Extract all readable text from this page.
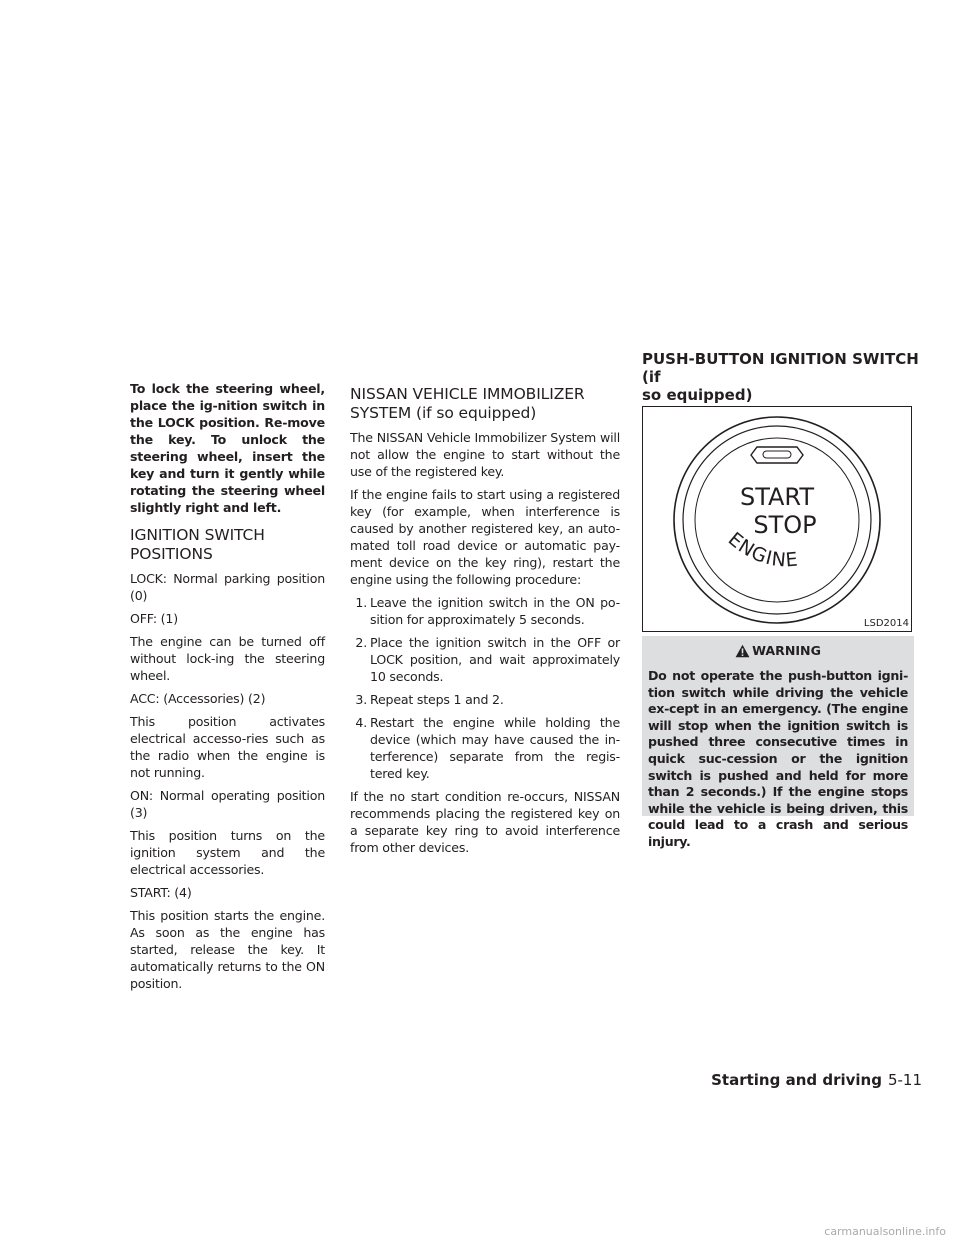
To lock the steering wheel, place the ig-nition switch in the LOCK position. Re-move the key. To unlock the steering wheel, insert the key and turn it gently while rotating the steering wheel slightly right and left.

IGNITION SWITCH POSITIONS

LOCK: Normal parking position (0)

OFF: (1)

The engine can be turned off without lock-ing the steering wheel.

ACC: (Accessories) (2)

This position activates electrical accesso-ries such as the radio when the engine is not running.

ON: Normal operating position (3)

This position turns on the ignition system and the electrical accessories.

START: (4)

This position starts the engine. As soon as the engine has started, release the key. It automatically returns to the ON position.

NISSAN VEHICLE IMMOBILIZER SYSTEM (if so equipped)

The NISSAN Vehicle Immobilizer System will not allow the engine to start without the use of the registered key.

If the engine fails to start using a registered key (for example, when interference is caused by another registered key, an auto-mated toll road device or automatic pay-ment device on the key ring), restart the engine using the following procedure:

1. Leave the ignition switch in the ON po-sition for approximately 5 seconds.
2. Place the ignition switch in the OFF or LOCK position, and wait approximately 10 seconds.
3. Repeat steps 1 and 2.
4. Restart the engine while holding the device (which may have caused the in-terference) separate from the regis-tered key.

If the no start condition re-occurs, NISSAN recommends placing the registered key on a separate key ring to avoid interference from other devices.

PUSH-BUTTON IGNITION SWITCH (if
so equipped)
START
STOP
ENGINE
LSD2014
WARNING
Do not operate the push-button igni-tion switch while driving the vehicle ex-cept in an emergency. (The engine will stop when the ignition switch is pushed three consecutive times in quick suc-cession or the ignition switch is pushed and held for more than 2 seconds.) If the engine stops while the vehicle is being driven, this could lead to a crash and serious injury.
Starting and driving 5-11
carmanualsonline.info
